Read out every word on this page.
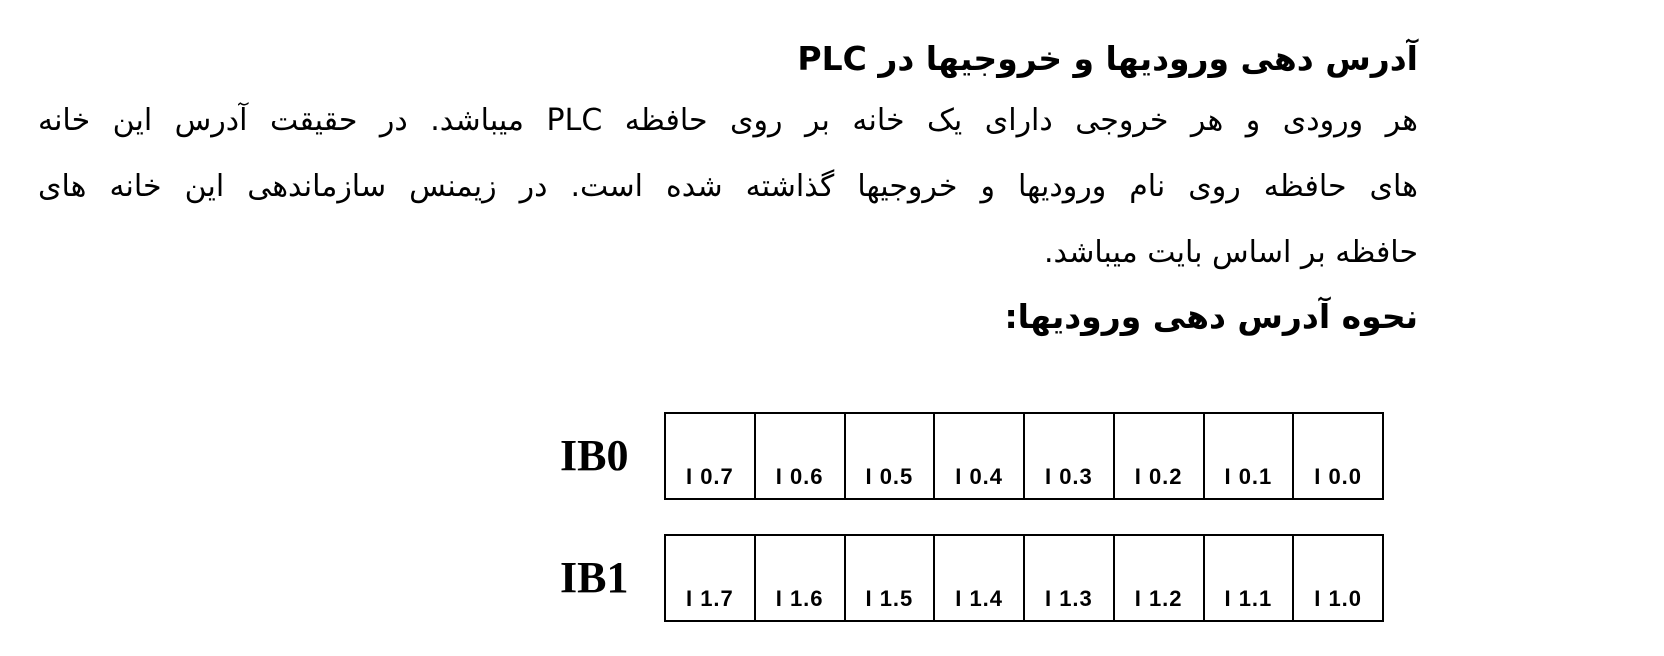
آدرس دهی ورودیها و خروجیها در PLC
هر ورودی و هر خروجی دارای یک خانه بر روی حافظه PLC میباشد. در حقیقت آدرس این خانه
های حافظه روی نام ورودیها و خروجیها گذاشته شده است. در زیمنس سازماندهی این خانه های
حافظه بر اساس بایت میباشد.
نحوه آدرس دهی ورودیها:
IB0	I 0.7	I 0.6	I 0.5	I 0.4	I 0.3	I 0.2	I 0.1	I 0.0
IB1	I 1.7	I 1.6	I 1.5	I 1.4	I 1.3	I 1.2	I 1.1	I 1.0
